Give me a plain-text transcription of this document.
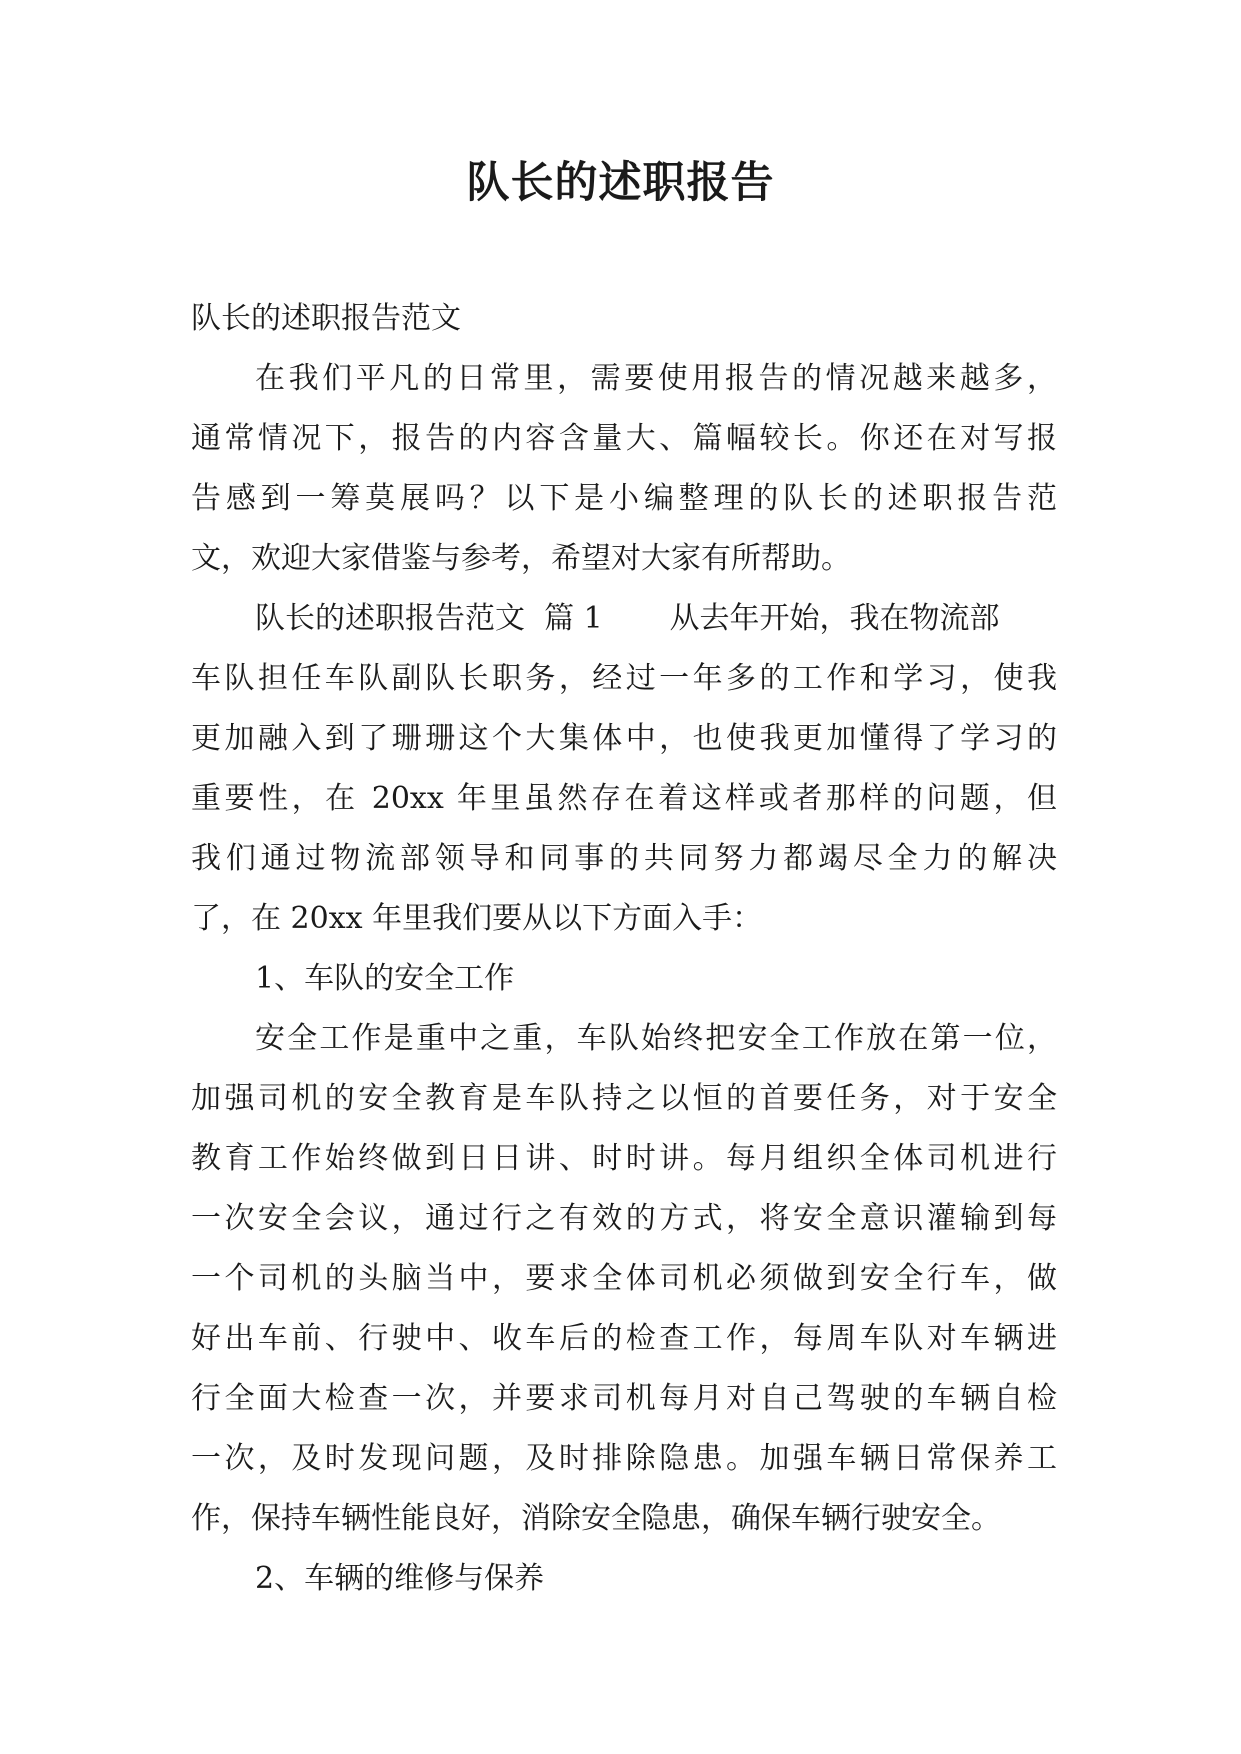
队长的述职报告
队长的述职报告范文
在我们平凡的日常里，需要使用报告的情况越来越多，
通常情况下，报告的内容含量大、篇幅较长。你还在对写报
告感到一筹莫展吗？以下是小编整理的队长的述职报告范
文，欢迎大家借鉴与参考，希望对大家有所帮助。
队长的述职报告范文  篇 1       从去年开始，我在物流部
车队担任车队副队长职务，经过一年多的工作和学习，使我
更加融入到了珊珊这个大集体中，也使我更加懂得了学习的
重要性，在 20xx 年里虽然存在着这样或者那样的问题，但
我们通过物流部领导和同事的共同努力都竭尽全力的解决
了，在 20xx 年里我们要从以下方面入手：
1、车队的安全工作
安全工作是重中之重，车队始终把安全工作放在第一位，
加强司机的安全教育是车队持之以恒的首要任务，对于安全
教育工作始终做到日日讲、时时讲。每月组织全体司机进行
一次安全会议，通过行之有效的方式，将安全意识灌输到每
一个司机的头脑当中，要求全体司机必须做到安全行车，做
好出车前、行驶中、收车后的检查工作，每周车队对车辆进
行全面大检查一次，并要求司机每月对自己驾驶的车辆自检
一次，及时发现问题，及时排除隐患。加强车辆日常保养工
作，保持车辆性能良好，消除安全隐患，确保车辆行驶安全。
2、车辆的维修与保养
